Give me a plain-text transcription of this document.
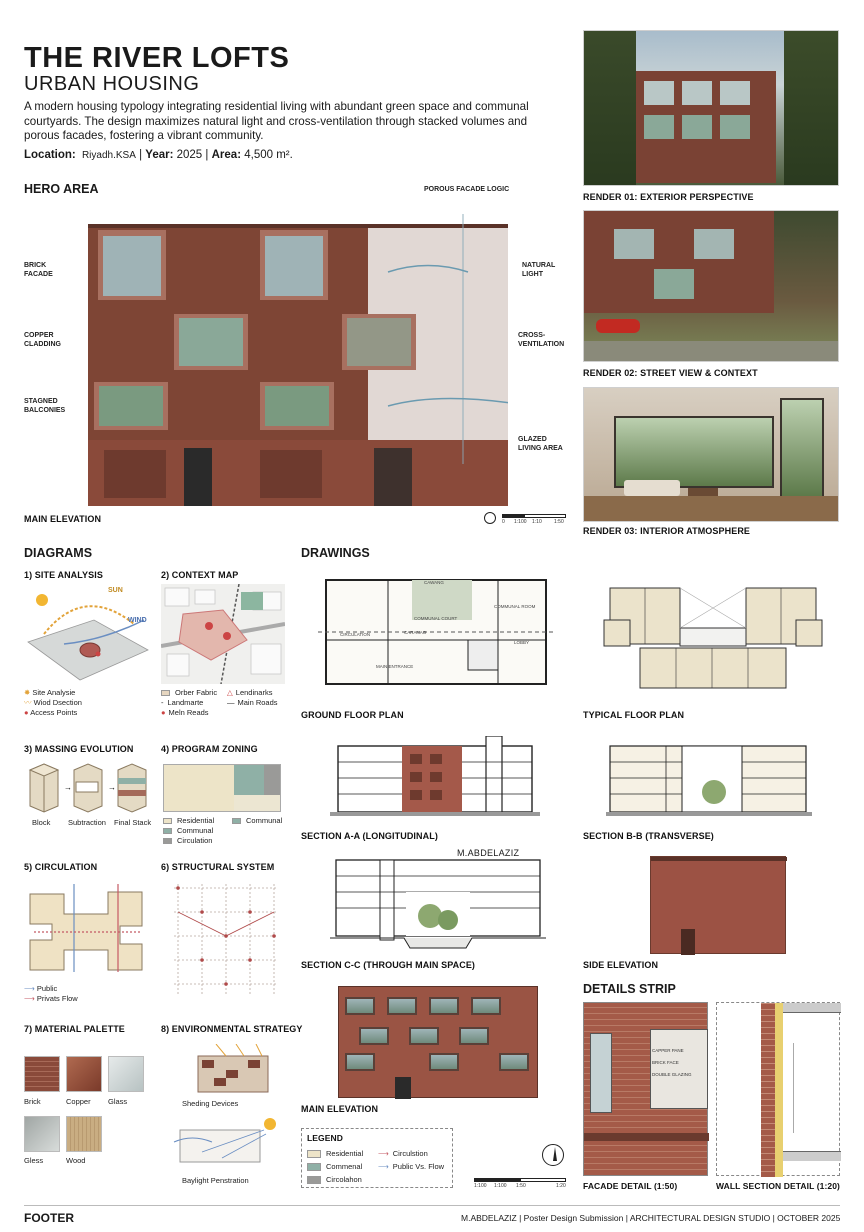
THE RIVER LOFTS
URBAN HOUSING
A modern housing typology integrating residential living with abundant green space and communal courtyards. The design maximizes natural light and cross-ventilation through stacked volumes and porous facades, fostering a vibrant community.
Location: Riyadh.KSA | Year: 2025 | Area: 4,500 m².
HERO AREA	POROUS FACADE LOGIC
BRICK FACADE
COPPER CLADDING
STAGNED BALCONIES
NATURAL LIGHT
CROSS-VENTILATION
GLAZED LIVING AREA
MAIN ELEVATION	0 1:100 1:10 1:50
RENDER 01: EXTERIOR PERSPECTIVE
RENDER 02: STREET VIEW & CONTEXT
RENDER 03: INTERIOR ATMOSPHERE
DIAGRAMS
1) SITE ANALYSIS
SUN
WIND
✸ Site Analysie
〰 Wiod Dsection
● Access Points
2) CONTEXT MAP
Orber Fabric
- Landmarte
● Meln Reads
△ Lendinarks
— Main Roads
3) MASSING EVOLUTION
→	→
Block Subtraction Final Stack
4) PROGRAM ZONING
Residential
Communal
Circulation
Communal
5) CIRCULATION
⟶ Public
⟶ Privats Flow
6) STRUCTURAL SYSTEM
7) MATERIAL PALETTE
Brick	Copper Glass
Gless	Wood
8) ENVIRONMENTAL STRATEGY
Sheding Devices
Baylight Penstration
DRAWINGS
CAWANG
COMMUNAL COURT
CARANAG
COMMUNAL ROOM
CIRCULATION
MAIN ENTRANCE
LOBBY
GROUND FLOOR PLAN	TYPICAL FLOOR PLAN
SECTION A-A (LONGITUDINAL)	SECTION B-B (TRANSVERSE)
M.ABDELAZIZ
SECTION C-C (THROUGH MAIN SPACE)	SIDE ELEVATION
MAIN ELEVATION
LEGEND
Residential
Commenal
Circolahon
⟶ Circulstion
⟶ Public Vs. Flow
1:100 1:100 1:50	1:20
DETAILS STRIP
CAPPER PANE
BRICK FACE
DOUBLE GLAZING
FACADE DETAIL (1:50)	WALL SECTION DETAIL (1:20)
FOOTER	M.ABDELAZIZ | Poster Design Submission | ARCHITECTURAL DESIGN STUDIO | OCTOBER 2025
